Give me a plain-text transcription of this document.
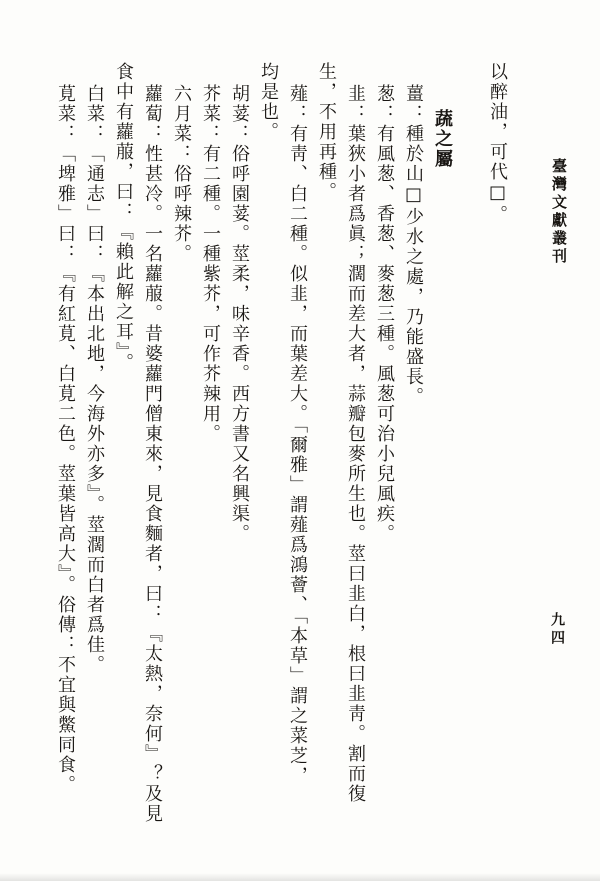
臺灣文獻叢刊
九四
以醉油，可代□。
蔬之屬
薑：種於山□少水之處，乃能盛長。
葱：有風葱、香葱、麥葱三種。風葱可治小兒風疾。
韭：葉狹小者爲眞；濶而差大者，蒜瓣包麥所生也。莖曰韭白，根曰韭靑。割而復
生，不用再種。
薤：有靑、白二種。似韭，而葉差大。「爾雅」謂薤爲鴻薈、「本草」謂之菜芝，
均是也。
胡荽：俗呼園荽。莖柔，味辛香。西方書又名興渠。
芥菜：有二種。一種紫芥，可作芥辣用。
六月菜：俗呼辣芥。
蘿蔔：性甚冷。一名蘿菔。昔婆蘿門僧東來，見食麵者，曰：『太熱，奈何』？及見
食中有蘿菔，曰：『賴此解之耳』。
白菜：「通志」曰：『本出北地，今海外亦多』。莖濶而白者爲佳。
莧菜：「埤雅」曰：『有紅莧、白莧二色。莖葉皆高大』。俗傳：不宜與鱉同食。
